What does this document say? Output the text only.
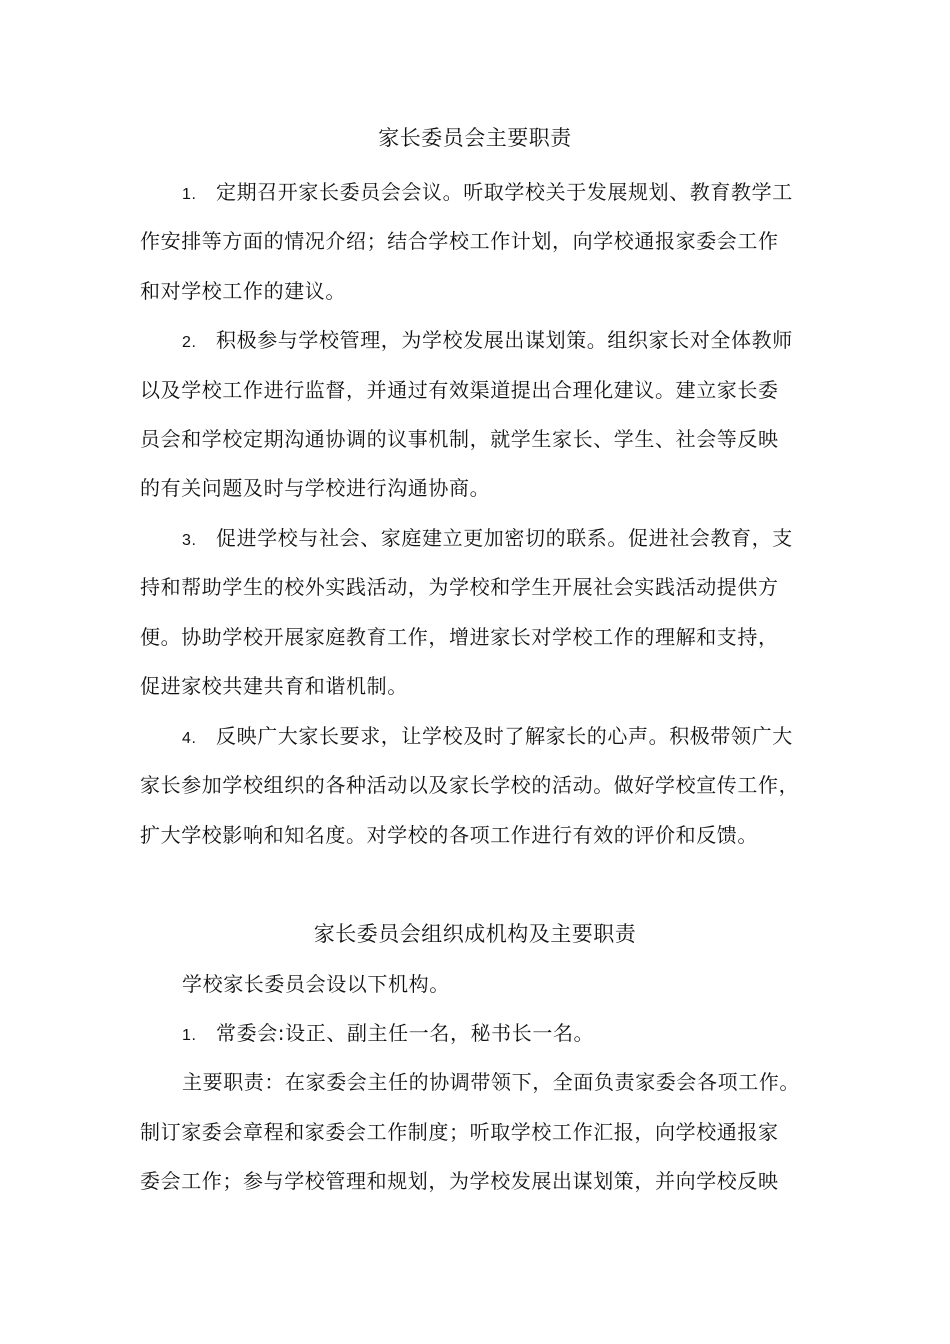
家长委员会主要职责
1. 定期召开家长委员会会议。听取学校关于发展规划、教育教学工
作安排等方面的情况介绍；结合学校工作计划，向学校通报家委会工作
和对学校工作的建议。
2. 积极参与学校管理，为学校发展出谋划策。组织家长对全体教师
以及学校工作进行监督，并通过有效渠道提出合理化建议。建立家长委
员会和学校定期沟通协调的议事机制，就学生家长、学生、社会等反映
的有关问题及时与学校进行沟通协商。
3. 促进学校与社会、家庭建立更加密切的联系。促进社会教育，支
持和帮助学生的校外实践活动，为学校和学生开展社会实践活动提供方
便。协助学校开展家庭教育工作，增进家长对学校工作的理解和支持，
促进家校共建共育和谐机制。
4. 反映广大家长要求，让学校及时了解家长的心声。积极带领广大
家长参加学校组织的各种活动以及家长学校的活动。做好学校宣传工作，
扩大学校影响和知名度。对学校的各项工作进行有效的评价和反馈。
家长委员会组织成机构及主要职责
学校家长委员会设以下机构。
1. 常委会:设正、副主任一名，秘书长一名。
主要职责：在家委会主任的协调带领下，全面负责家委会各项工作。
制订家委会章程和家委会工作制度；听取学校工作汇报，向学校通报家
委会工作；参与学校管理和规划，为学校发展出谋划策，并向学校反映
